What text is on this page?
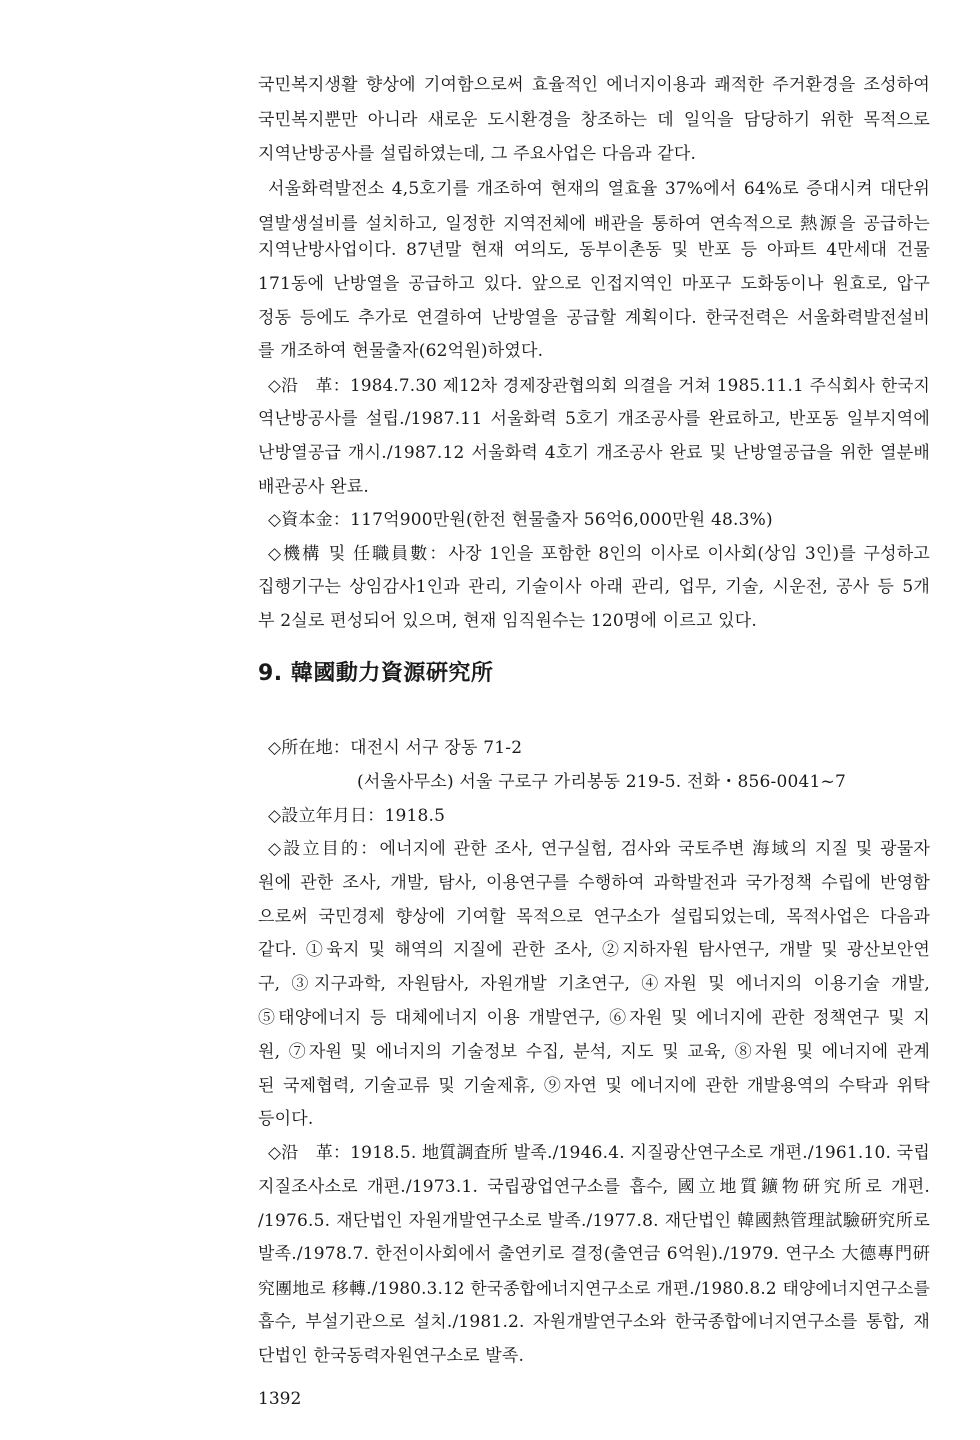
국민복지생활 향상에 기여함으로써 효율적인 에너지이용과 쾌적한 주거환경을 조성하여
국민복지뿐만 아니라 새로운 도시환경을 창조하는 데 일익을 담당하기 위한 목적으로
지역난방공사를 설립하였는데, 그 주요사업은 다음과 같다.
서울화력발전소 4,5호기를 개조하여 현재의 열효율 37%에서 64%로 증대시켜 대단위
열발생설비를 설치하고, 일정한 지역전체에 배관을 통하여 연속적으로 熱源을 공급하는
지역난방사업이다. 87년말 현재 여의도, 동부이촌동 및 반포 등 아파트 4만세대 건물
171동에 난방열을 공급하고 있다. 앞으로 인접지역인 마포구 도화동이나 원효로, 압구
정동 등에도 추가로 연결하여 난방열을 공급할 계획이다. 한국전력은 서울화력발전설비
를 개조하여 현물출자(62억원)하였다.
◇沿　革：1984.7.30 제12차 경제장관협의회 의결을 거쳐 1985.11.1 주식회사 한국지
역난방공사를 설립./1987.11 서울화력 5호기 개조공사를 완료하고, 반포동 일부지역에
난방열공급 개시./1987.12 서울화력 4호기 개조공사 완료 및 난방열공급을 위한 열분배
배관공사 완료.
◇資本金：117억900만원(한전 현물출자 56억6,000만원 48.3%)
◇機構 및 任職員數：사장 1인을 포함한 8인의 이사로 이사회(상임 3인)를 구성하고
집행기구는 상임감사1인과 관리, 기술이사 아래 관리, 업무, 기술, 시운전, 공사 등 5개
부 2실로 편성되어 있으며, 현재 임직원수는 120명에 이르고 있다.
9. 韓國動力資源硏究所
◇所在地：대전시 서구 장동 71-2
(서울사무소) 서울 구로구 가리봉동 219-5. 전화・856-0041~7
◇設立年月日：1918.5
◇設立目的：에너지에 관한 조사, 연구실험, 검사와 국토주변 海域의 지질 및 광물자
원에 관한 조사, 개발, 탐사, 이용연구를 수행하여 과학발전과 국가정책 수립에 반영함
으로써 국민경제 향상에 기여할 목적으로 연구소가 설립되었는데, 목적사업은 다음과
같다. ①육지 및 해역의 지질에 관한 조사, ②지하자원 탐사연구, 개발 및 광산보안연
구, ③지구과학, 자원탐사, 자원개발 기초연구, ④자원 및 에너지의 이용기술 개발,
⑤태양에너지 등 대체에너지 이용 개발연구, ⑥자원 및 에너지에 관한 정책연구 및 지
원, ⑦자원 및 에너지의 기술정보 수집, 분석, 지도 및 교육, ⑧자원 및 에너지에 관계
된 국제협력, 기술교류 및 기술제휴, ⑨자연 및 에너지에 관한 개발용역의 수탁과 위탁
등이다.
◇沿　革：1918.5. 地質調査所 발족./1946.4. 지질광산연구소로 개편./1961.10. 국립
지질조사소로 개편./1973.1. 국립광업연구소를 흡수, 國立地質鑛物硏究所로 개편.
/1976.5. 재단법인 자원개발연구소로 발족./1977.8. 재단법인 韓國熱管理試驗硏究所로
발족./1978.7. 한전이사회에서 출연키로 결정(출연금 6억원)./1979. 연구소 大德專門硏
究團地로 移轉./1980.3.12 한국종합에너지연구소로 개편./1980.8.2 태양에너지연구소를
흡수, 부설기관으로 설치./1981.2. 자원개발연구소와 한국종합에너지연구소를 통합, 재
단법인 한국동력자원연구소로 발족.
1392
